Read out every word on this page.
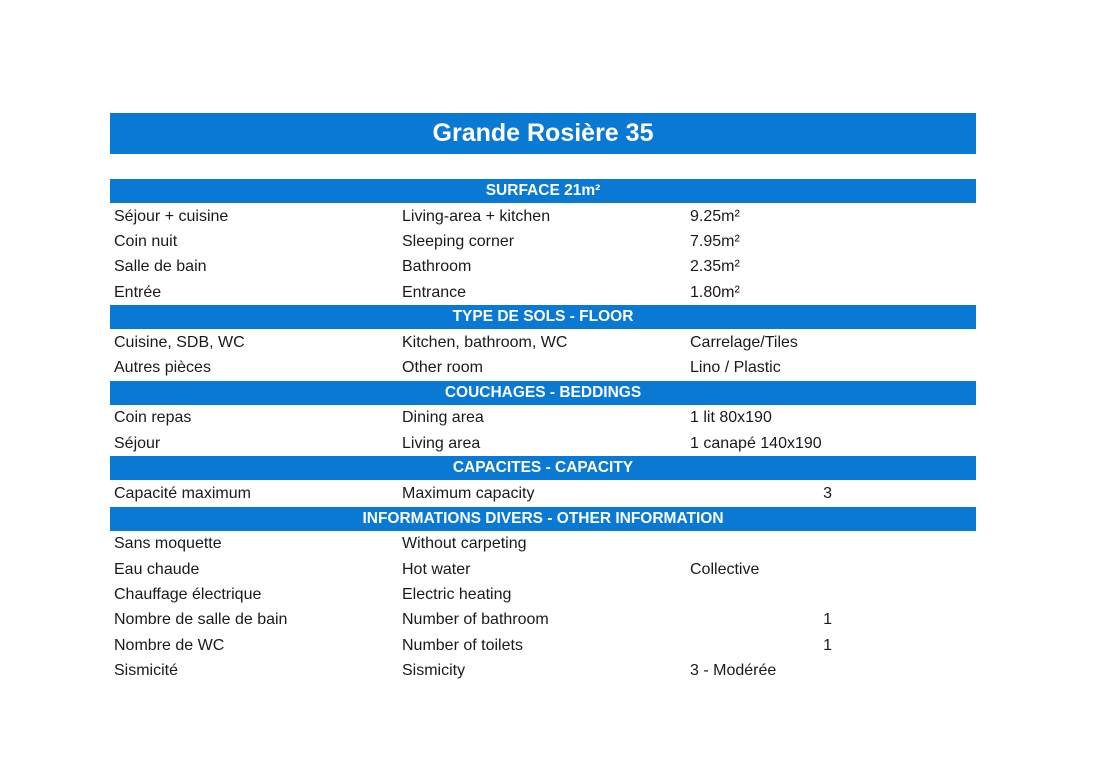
Grande Rosière 35
SURFACE 21m²
Séjour + cuisine	Living-area + kitchen	9.25m²
Coin nuit	Sleeping corner	7.95m²
Salle de bain	Bathroom	2.35m²
Entrée	Entrance	1.80m²
TYPE DE SOLS - FLOOR
Cuisine, SDB, WC	Kitchen, bathroom, WC	Carrelage/Tiles
Autres pièces	Other room	Lino / Plastic
COUCHAGES - BEDDINGS
Coin repas	Dining area	1 lit 80x190
Séjour	Living area	1 canapé 140x190
CAPACITES - CAPACITY
Capacité maximum	Maximum capacity	3
INFORMATIONS DIVERS - OTHER INFORMATION
Sans moquette	Without carpeting
Eau chaude	Hot water	Collective
Chauffage électrique	Electric heating
Nombre de salle de bain	Number of bathroom	1
Nombre de WC	Number of toilets	1
Sismicité	Sismicity	3 - Modérée
